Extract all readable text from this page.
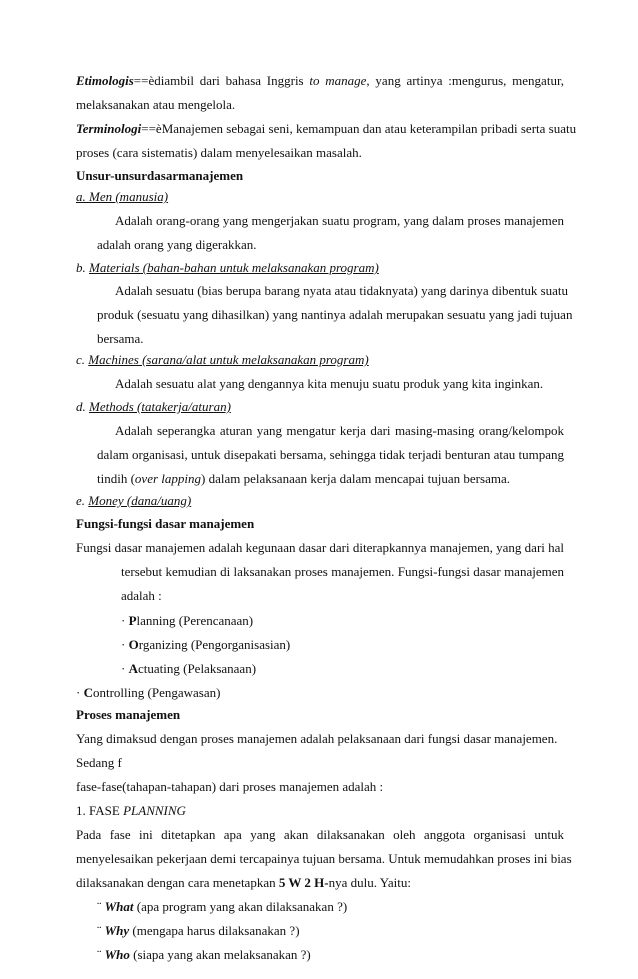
Etimologis==èdiambil dari bahasa Inggris to manage, yang artinya :mengurus, mengatur,
melaksanakan atau mengelola.
Terminologi==èManajemen sebagai seni, kemampuan dan atau keterampilan pribadi serta suatu
proses (cara sistematis) dalam menyelesaikan masalah.
Unsur-unsurdasarmanajemen
a. Men (manusia)
Adalah orang-orang yang mengerjakan suatu program, yang dalam proses manajemen
adalah orang yang digerakkan.
b. Materials (bahan-bahan untuk melaksanakan program)
Adalah sesuatu (bias berupa barang nyata atau tidaknyata) yang darinya dibentuk suatu
produk (sesuatu yang dihasilkan) yang nantinya adalah merupakan sesuatu yang jadi tujuan
bersama.
c. Machines (sarana/alat untuk melaksanakan program)
Adalah sesuatu alat yang dengannya kita menuju suatu produk yang kita inginkan.
d. Methods (tatakerja/aturan)
Adalah seperangka aturan yang mengatur kerja dari masing-masing orang/kelompok
dalam organisasi, untuk disepakati bersama, sehingga tidak terjadi benturan atau tumpang
tindih (over lapping) dalam pelaksanaan kerja dalam mencapai tujuan bersama.
e. Money (dana/uang)
Fungsi-fungsi dasar manajemen
Fungsi dasar manajemen adalah kegunaan dasar dari diterapkannya manajemen, yang dari hal
tersebut kemudian di laksanakan proses manajemen. Fungsi-fungsi dasar manajemen
adalah :
· Planning (Perencanaan)
· Organizing (Pengorganisasian)
· Actuating (Pelaksanaan)
· Controlling (Pengawasan)
Proses manajemen
Yang dimaksud dengan proses manajemen adalah pelaksanaan dari fungsi dasar manajemen.
Sedang f
fase-fase(tahapan-tahapan) dari proses manajemen adalah :
1. FASE PLANNING
Pada fase ini ditetapkan apa yang akan dilaksanakan oleh anggota organisasi untuk
menyelesaikan pekerjaan demi tercapainya tujuan bersama. Untuk memudahkan proses ini bias
dilaksanakan dengan cara menetapkan 5 W 2 H-nya dulu. Yaitu:
¨ What (apa program yang akan dilaksanakan ?)
¨ Why (mengapa harus dilaksanakan ?)
¨ Who (siapa yang akan melaksanakan ?)
